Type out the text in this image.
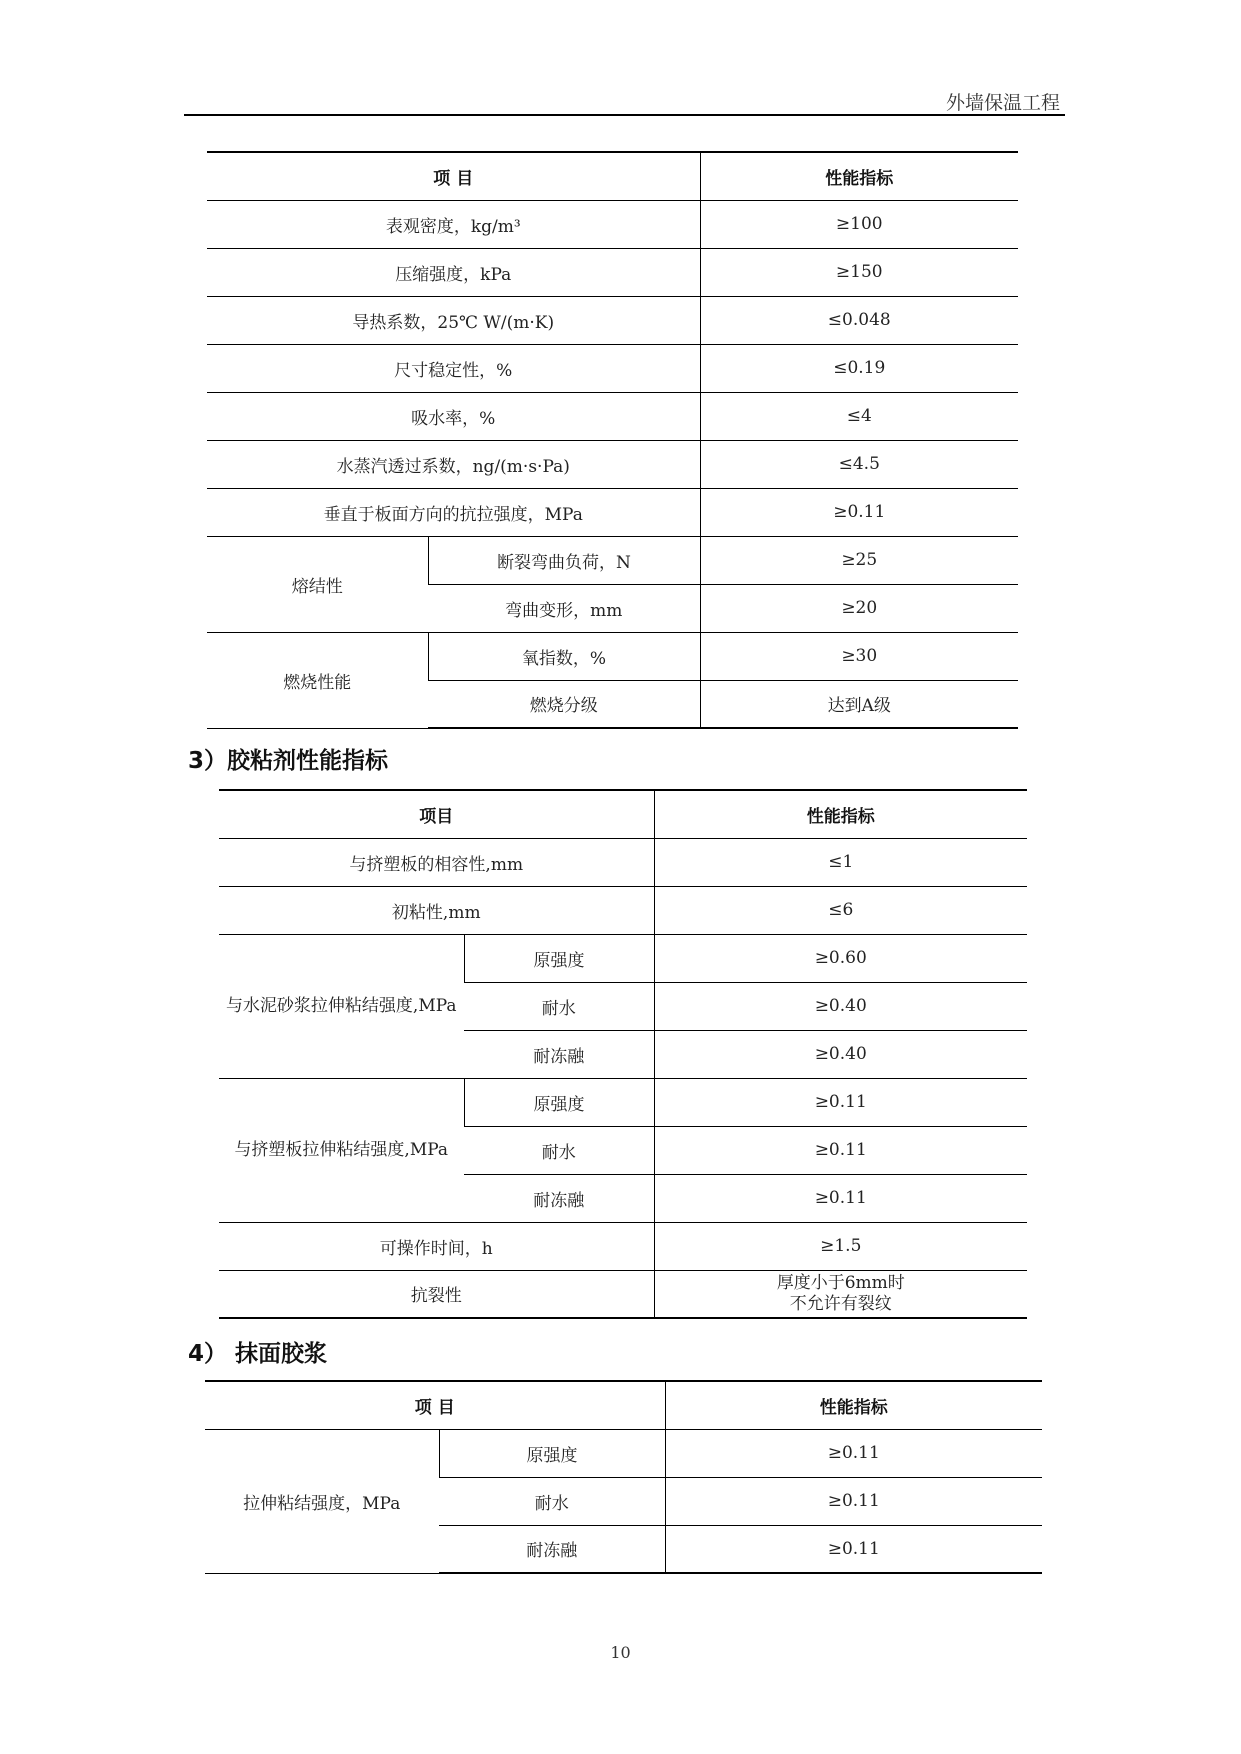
外墙保温工程
项 目		性能指标
表观密度，kg/m³		≥100
压缩强度，kPa		≥150
导热系数，25℃ W/(m·K)		≤0.048
尺寸稳定性，%		≤0.19
吸水率，%		≤4
水蒸汽透过系数，ng/(m·s·Pa)		≤4.5
垂直于板面方向的抗拉强度，MPa		≥0.11
熔结性	断裂弯曲负荷，N	≥25
	弯曲变形，mm	≥20
燃烧性能	氧指数，%	≥30
	燃烧分级	达到A级
3）胶粘剂性能指标
项目		性能指标
与挤塑板的相容性,mm		≤1
初粘性,mm		≤6
与水泥砂浆拉伸粘结强度,MPa	原强度	≥0.60
	耐水	≥0.40
	耐冻融	≥0.40
与挤塑板拉伸粘结强度,MPa	原强度	≥0.11
	耐水	≥0.11
	耐冻融	≥0.11
可操作时间，h		≥1.5
抗裂性		厚度小于6mm时
不允许有裂纹
4） 抹面胶浆
项 目		性能指标
拉伸粘结强度，MPa	原强度	≥0.11
	耐水	≥0.11
	耐冻融	≥0.11
10
